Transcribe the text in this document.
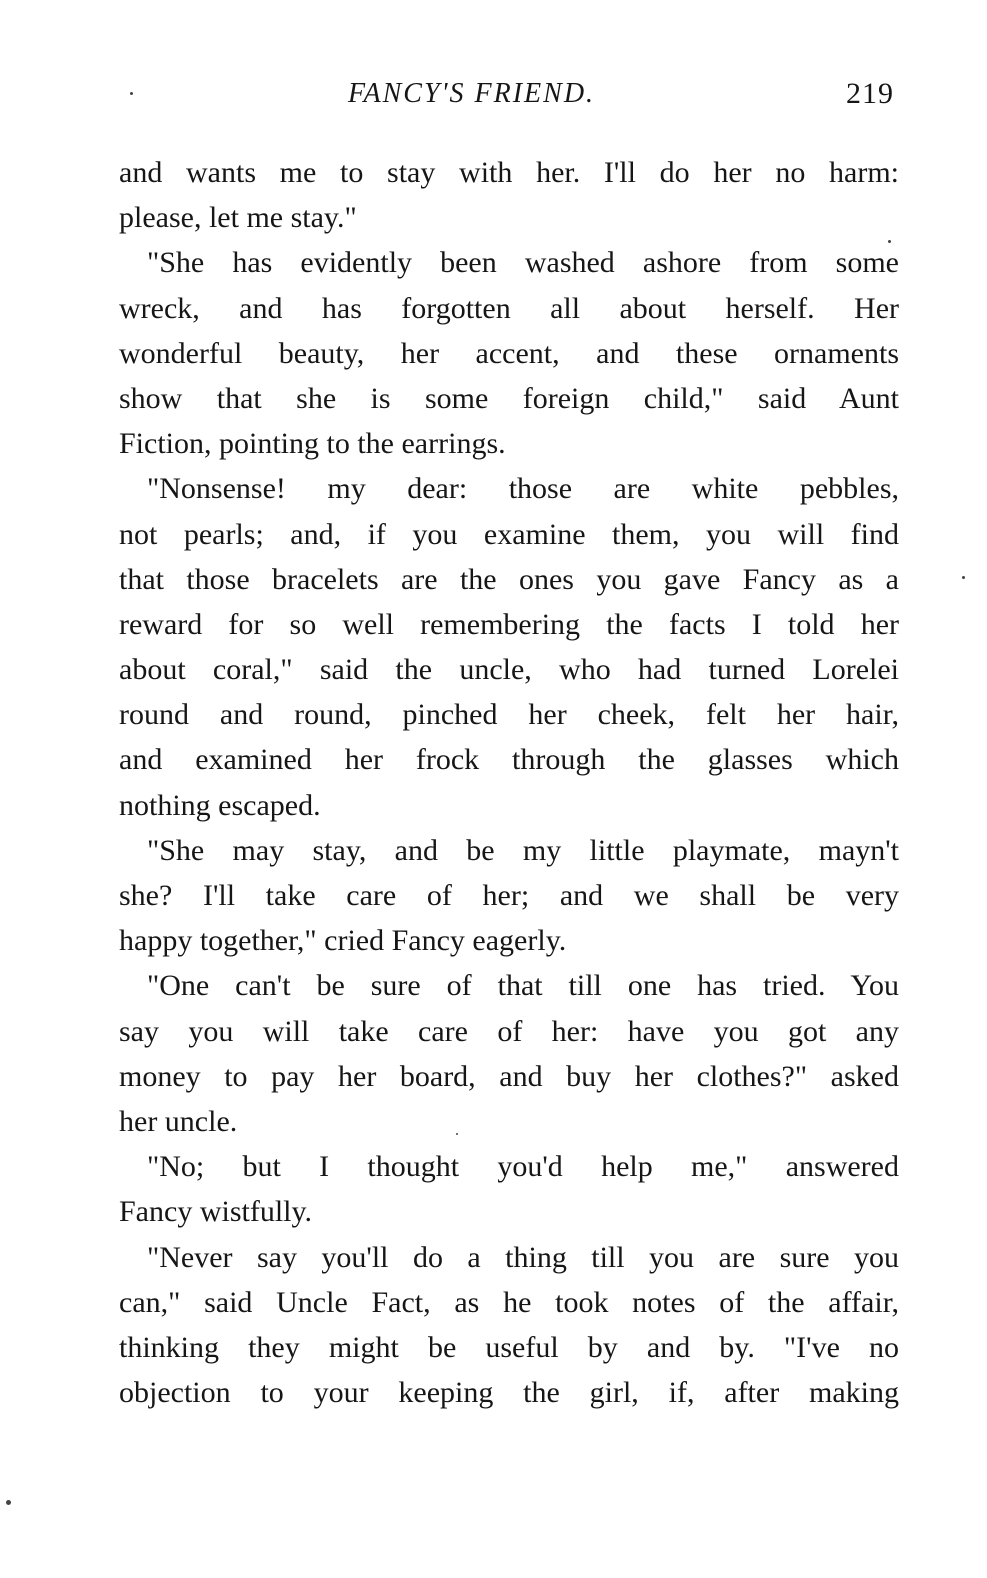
FANCY'S FRIEND.	219
and wants me to stay with her. I'll do her no harm:
please, let me stay."
"She has evidently been washed ashore from some
wreck, and has forgotten all about herself. Her
wonderful beauty, her accent, and these ornaments
show that she is some foreign child," said Aunt
Fiction, pointing to the earrings.
"Nonsense! my dear: those are white pebbles,
not pearls; and, if you examine them, you will find
that those bracelets are the ones you gave Fancy as a
reward for so well remembering the facts I told her
about coral," said the uncle, who had turned Lorelei
round and round, pinched her cheek, felt her hair,
and examined her frock through the glasses which
nothing escaped.
"She may stay, and be my little playmate, mayn't
she? I'll take care of her; and we shall be very
happy together," cried Fancy eagerly.
"One can't be sure of that till one has tried. You
say you will take care of her: have you got any
money to pay her board, and buy her clothes?" asked
her uncle.
"No; but I thought you'd help me," answered
Fancy wistfully.
"Never say you'll do a thing till you are sure you
can," said Uncle Fact, as he took notes of the affair,
thinking they might be useful by and by. "I've no
objection to your keeping the girl, if, after making
